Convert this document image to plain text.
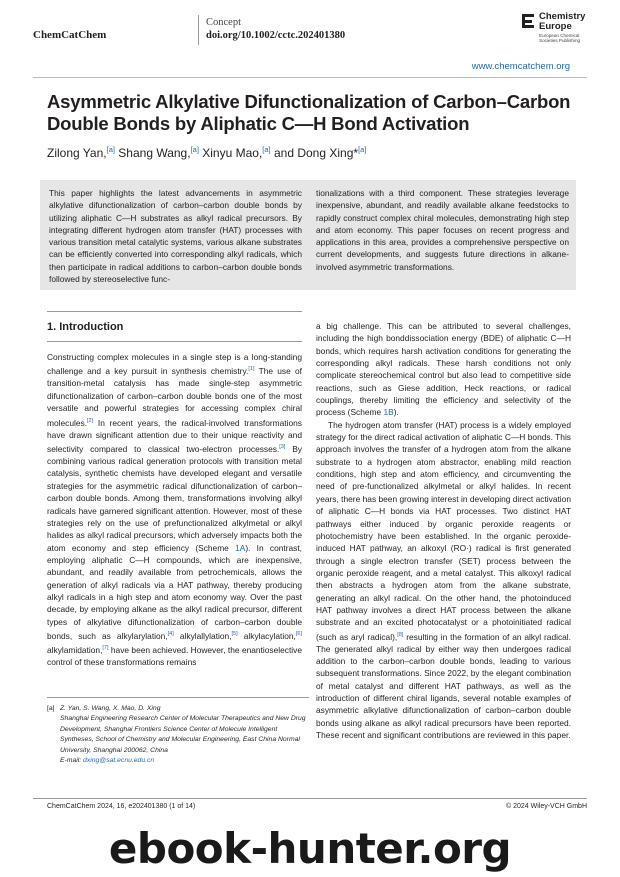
ChemCatChem
Concept
doi.org/10.1002/cctc.202401380
Chemistry
Europe
European Chemical Societies Publishing
www.chemcatchem.org
Asymmetric Alkylative Difunctionalization of Carbon–Carbon Double Bonds by Aliphatic C—H Bond Activation
Zilong Yan,[a] Shang Wang,[a] Xinyu Mao,[a] and Dong Xing*[a]
This paper highlights the latest advancements in asymmetric alkylative difunctionalization of carbon–carbon double bonds by utilizing aliphatic C—H substrates as alkyl radical precursors. By integrating different hydrogen atom transfer (HAT) processes with various transition metal catalytic systems, various alkane substrates can be efficiently converted into corresponding alkyl radicals, which then participate in radical additions to carbon–carbon double bonds followed by stereoselective func-
tionalizations with a third component. These strategies leverage inexpensive, abundant, and readily available alkane feedstocks to rapidly construct complex chiral molecules, demonstrating high step and atom economy. This paper focuses on recent progress and applications in this area, provides a comprehensive perspective on current developments, and suggests future directions in alkane-involved asymmetric transformations.
1. Introduction

Constructing complex molecules in a single step is a long-standing challenge and a key pursuit in synthesis chemistry.[1] The use of transition-metal catalysis has made single-step asymmetric difunctionalization of carbon–carbon double bonds one of the most versatile and powerful strategies for accessing complex chiral molecules.[2] In recent years, the radical-involved transformations have drawn significant attention due to their unique reactivity and selectivity compared to classical two-electron processes.[3] By combining various radical generation protocols with transition metal catalysis, synthetic chemists have developed elegant and versatile strategies for the asymmetric radical difunctionalization of carbon–carbon double bonds. Among them, transformations involving alkyl radicals have garnered significant attention. However, most of these strategies rely on the use of prefunctionalized alkylmetal or alkyl halides as alkyl radical precursors, which adversely impacts both the atom economy and step efficiency (Scheme 1A). In contrast, employing aliphatic C—H compounds, which are inexpensive, abundant, and readily available from petrochemicals, allows the generation of alkyl radicals via a HAT pathway, thereby producing alkyl radicals in a high step and atom economy way. Over the past decade, by employing alkane as the alkyl radical precursor, different types of alkylative difunctionalization of carbon–carbon double bonds, such as alkylarylation,[4] alkylallylation,[5] alkylacylation,[6] alkylamidation,[7] have been achieved. However, the enantioselective control of these transformations remains

a big challenge. This can be attributed to several challenges, including the high bonddissociation energy (BDE) of aliphatic C—H bonds, which requires harsh activation conditions for generating the corresponding alkyl radicals. These harsh conditions not only complicate stereochemical control but also lead to competitive side reactions, such as Giese addition, Heck reactions, or radical couplings, thereby limiting the efficiency and selectivity of the process (Scheme 1B).

The hydrogen atom transfer (HAT) process is a widely employed strategy for the direct radical activation of aliphatic C—H bonds. This approach involves the transfer of a hydrogen atom from the alkane substrate to a hydrogen atom abstractor, enabling mild reaction conditions, high step and atom efficiency, and circumventing the need of pre-functionalized alkylmetal or alkyl halides. In recent years, there has been growing interest in developing direct activation of aliphatic C—H bonds via HAT processes. Two distinct HAT pathways either induced by organic peroxide reagents or photochemistry have been established. In the organic peroxide-induced HAT pathway, an alkoxyl (RO·) radical is first generated through a single electron transfer (SET) process between the organic peroxide reagent, and a metal catalyst. This alkoxyl radical then abstracts a hydrogen atom from the alkane substrate, generating an alkyl radical. On the other hand, the photoinduced HAT pathway involves a direct HAT process between the alkane substrate and an excited photocatalyst or a photoinitiated radical (such as aryl radical),[8] resulting in the formation of an alkyl radical. The generated alkyl radical by either way then undergoes radical addition to the carbon–carbon double bonds, leading to various subsequent transformations. Since 2022, by the elegant combination of metal catalyst and different HAT pathways, as well as the introduction of different chiral ligands, several notable examples of asymmetric alkylative difunctionalization of carbon–carbon double bonds using alkane as alkyl radical precursors have been reported. These recent and significant contributions are reviewed in this paper.

[a] Z. Yan, S. Wang, X. Mao, D. Xing
Shanghai Engineering Research Center of Molecular Therapeutics and New Drug Development, Shanghai Frontiers Science Center of Molecule Intelligent Syntheses, School of Chemistry and Molecular Engineering, East China Normal University, Shanghai 200062, China
E-mail: dxing@sat.ecnu.edu.cn
ChemCatChem 2024, 16, e202401380 (1 of 14)	© 2024 Wiley-VCH GmbH
ebook-hunter.org
